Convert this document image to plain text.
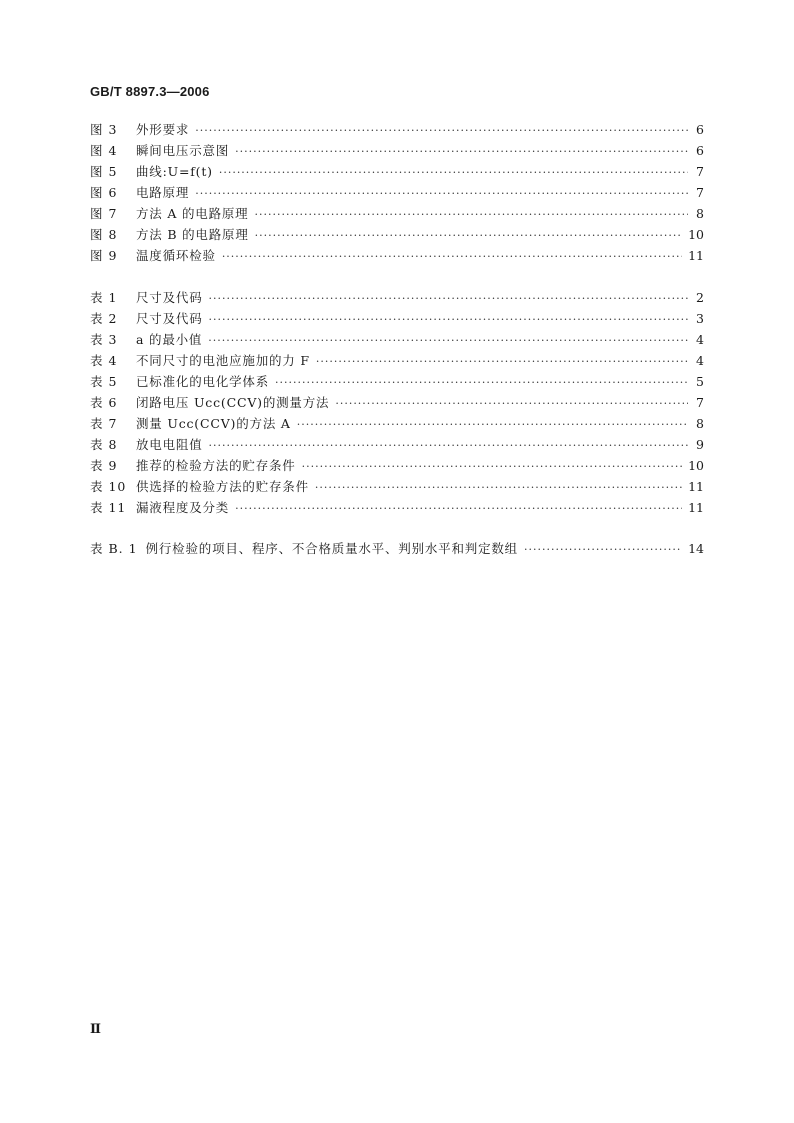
GB/T 8897.3—2006
图 3	外形要求 ·····	6
图 4	瞬间电压示意图 ·····	6
图 5	曲线:U=f(t) ·····	7
图 6	电路原理 ·····	7
图 7	方法 A 的电路原理 ·····	8
图 8	方法 B 的电路原理 ·····	10
图 9	温度循环检验 ·····	11
表 1	尺寸及代码 ·····	2
表 2	尺寸及代码 ·····	3
表 3	a 的最小值 ·····	4
表 4	不同尺寸的电池应施加的力 F ·····	4
表 5	已标准化的电化学体系 ·····	5
表 6	闭路电压 Ucc(CCV)的测量方法 ·····	7
表 7	测量 Ucc(CCV)的方法 A ·····	8
表 8	放电电阻值 ·····	9
表 9	推荐的检验方法的贮存条件 ·····	10
表 10 供选择的检验方法的贮存条件 ·····	11
表 11 漏液程度及分类 ·····	11
表 B. 1 例行检验的项目、程序、不合格质量水平、判别水平和判定数组 ·····	14
Ⅱ
